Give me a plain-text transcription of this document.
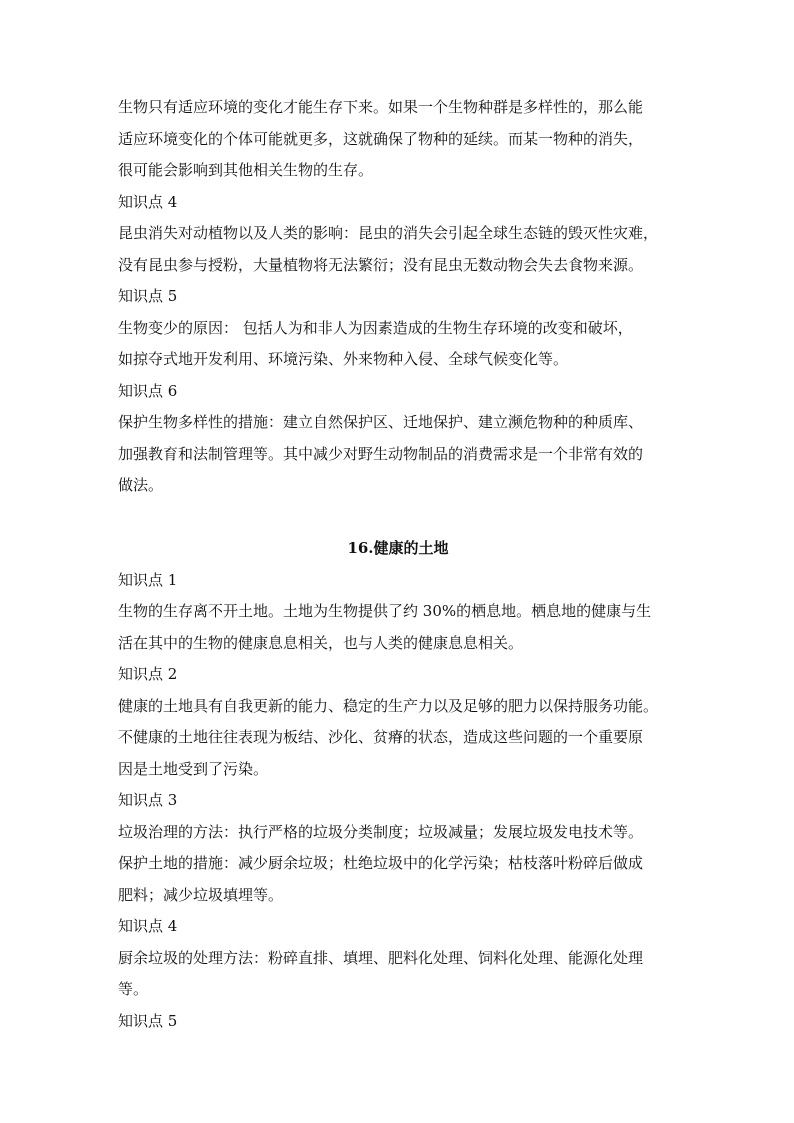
生物只有适应环境的变化才能生存下来。如果一个生物种群是多样性的，那么能
适应环境变化的个体可能就更多，这就确保了物种的延续。而某一物种的消失，
很可能会影响到其他相关生物的生存。
知识点 4
昆虫消失对动植物以及人类的影响：昆虫的消失会引起全球生态链的毁灭性灾难，
没有昆虫参与授粉，大量植物将无法繁衍；没有昆虫无数动物会失去食物来源。
知识点 5
生物变少的原因： 包括人为和非人为因素造成的生物生存环境的改变和破坏，
如掠夺式地开发利用、环境污染、外来物种入侵、全球气候变化等。
知识点 6
保护生物多样性的措施：建立自然保护区、迁地保护、建立濒危物种的种质库、
加强教育和法制管理等。其中减少对野生动物制品的消费需求是一个非常有效的
做法。
16.健康的土地
知识点 1
生物的生存离不开土地。土地为生物提供了约 30%的栖息地。栖息地的健康与生
活在其中的生物的健康息息相关，也与人类的健康息息相关。
知识点 2
健康的土地具有自我更新的能力、稳定的生产力以及足够的肥力以保持服务功能。
不健康的土地往往表现为板结、沙化、贫瘠的状态，造成这些问题的一个重要原
因是土地受到了污染。
知识点 3
垃圾治理的方法：执行严格的垃圾分类制度；垃圾减量；发展垃圾发电技术等。
保护土地的措施：减少厨余垃圾；杜绝垃圾中的化学污染；枯枝落叶粉碎后做成
肥料；减少垃圾填埋等。
知识点 4
厨余垃圾的处理方法：粉碎直排、填埋、肥料化处理、饲料化处理、能源化处理
等。
知识点 5
